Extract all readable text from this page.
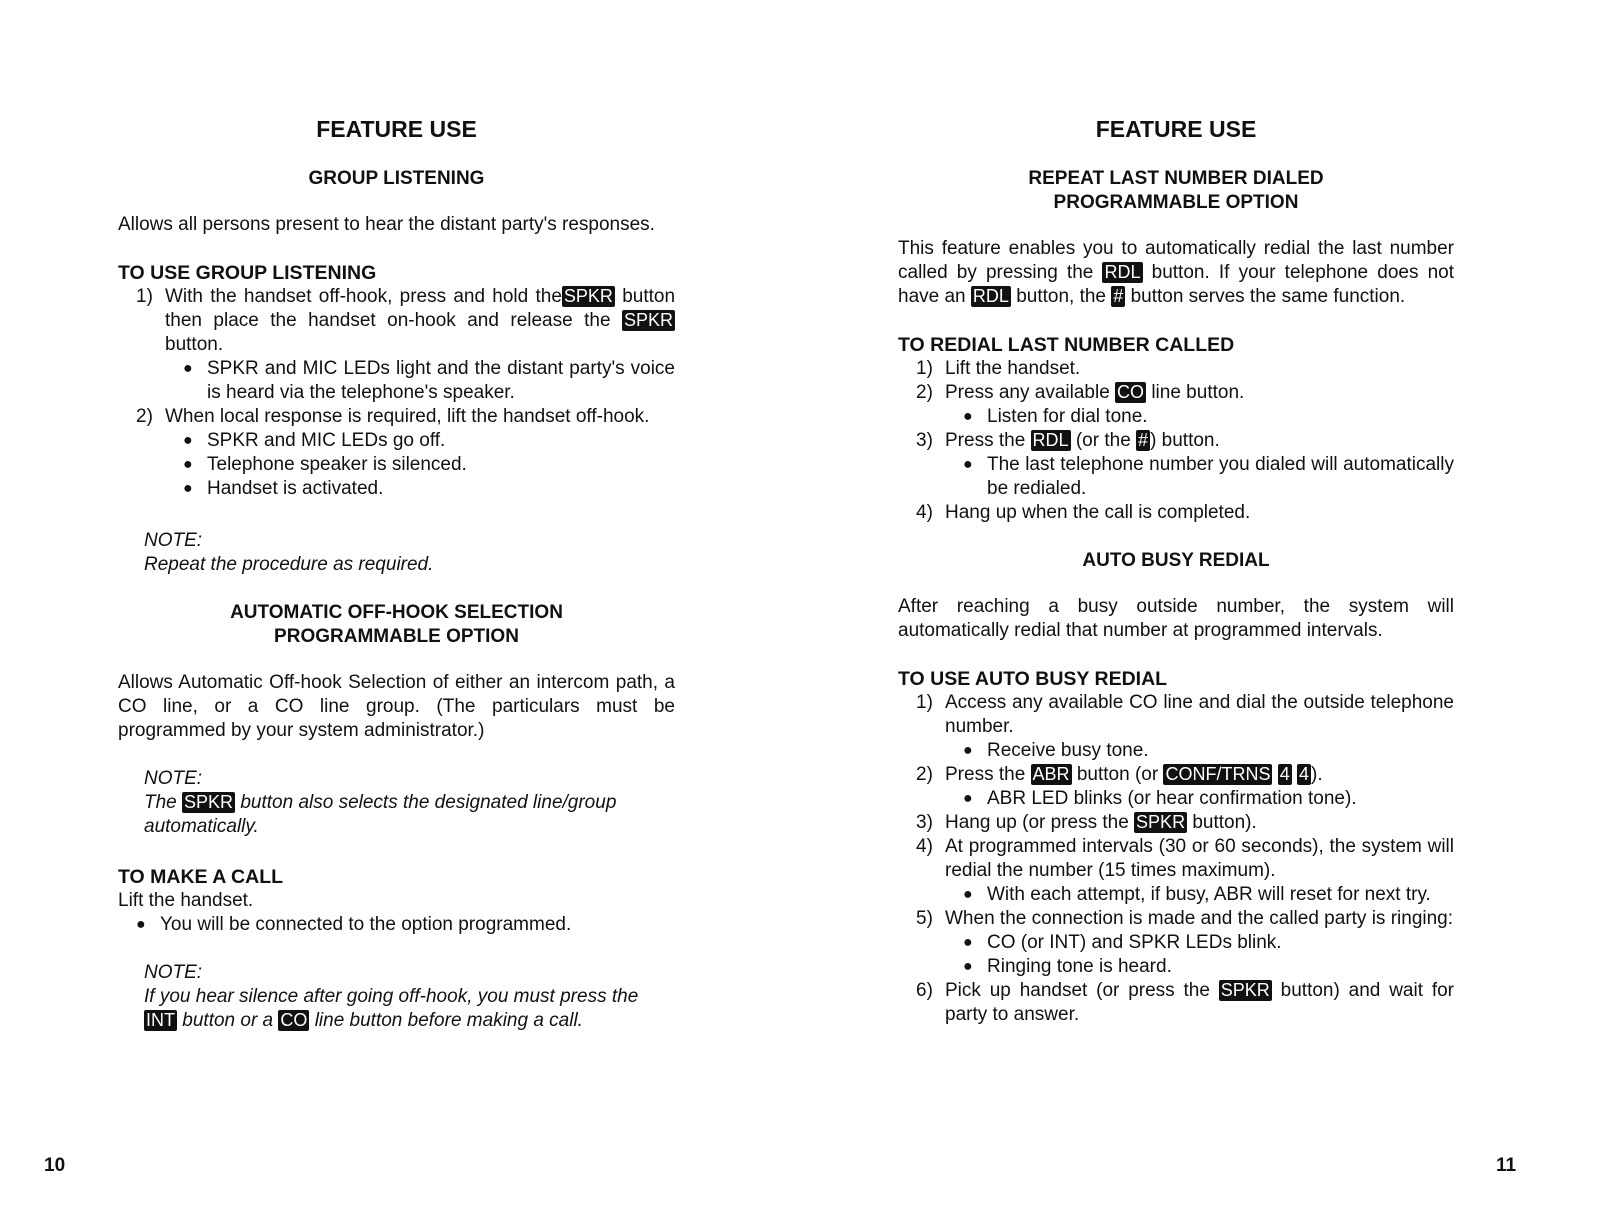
FEATURE USE
GROUP LISTENING

Allows all persons present to hear the distant party's responses.

TO USE GROUP LISTENING

1) With the handset off-hook, press and hold the SPKR button then place the handset on-hook and release the SPKR button.
● SPKR and MIC LEDs light and the distant party's voice is heard via the telephone's speaker.
2) When local response is required, lift the handset off-hook.
● SPKR and MIC LEDs go off.
● Telephone speaker is silenced.
● Handset is activated.
NOTE:
Repeat the procedure as required.
AUTOMATIC OFF-HOOK SELECTION
PROGRAMMABLE OPTION

Allows Automatic Off-hook Selection of either an intercom path, a CO line, or a CO line group. (The particulars must be programmed by your system administrator.)

NOTE:
The SPKR button also selects the designated line/group automatically.

TO MAKE A CALL

Lift the handset.
● You will be connected to the option programmed.
NOTE:
If you hear silence after going off-hook, you must press the INT button or a CO line button before making a call.
10
FEATURE USE
REPEAT LAST NUMBER DIALED
PROGRAMMABLE OPTION

This feature enables you to automatically redial the last number called by pressing the RDL button. If your telephone does not have an RDL button, the # button serves the same function.

TO REDIAL LAST NUMBER CALLED

1) Lift the handset.
2) Press any available CO line button.
● Listen for dial tone.
3) Press the RDL (or the # ) button.
● The last telephone number you dialed will automatically be redialed.
4) Hang up when the call is completed.
AUTO BUSY REDIAL

After reaching a busy outside number, the system will automatically redial that number at programmed intervals.

TO USE AUTO BUSY REDIAL

1) Access any available CO line and dial the outside telephone number.
● Receive busy tone.
2) Press the ABR button (or CONF/TRNS 4 4 ).
● ABR LED blinks (or hear confirmation tone).
3) Hang up (or press the SPKR button).
4) At programmed intervals (30 or 60 seconds), the system will redial the number (15 times maximum).
● With each attempt, if busy, ABR will reset for next try.
5) When the connection is made and the called party is ringing:
● CO (or INT) and SPKR LEDs blink.
● Ringing tone is heard.
6) Pick up handset (or press the SPKR button) and wait for party to answer.
11
